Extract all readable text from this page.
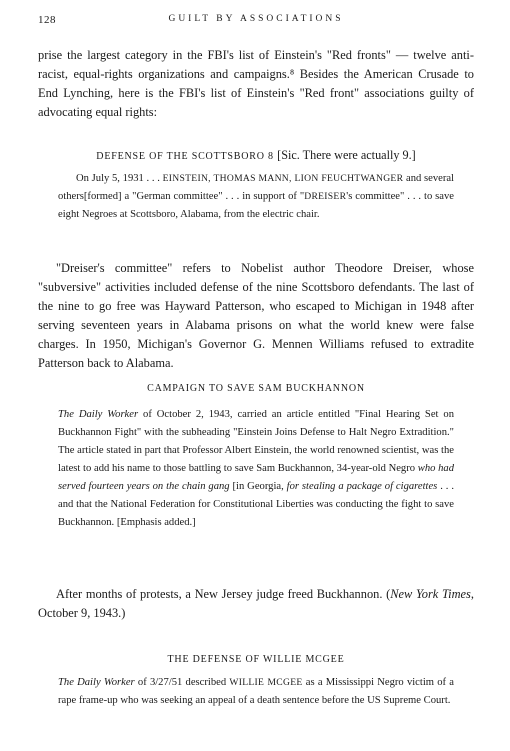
128	GUILT BY ASSOCIATIONS

prise the largest category in the FBI's list of Einstein's "Red fronts" — twelve anti-racist, equal-rights organizations and campaigns.⁸ Besides the American Crusade to End Lynching, here is the FBI's list of Einstein's "Red front" associations guilty of advocating equal rights:

DEFENSE OF THE SCOTTSBORO 8 [Sic. There were actually 9.]

On July 5, 1931 . . . EINSTEIN, THOMAS MANN, LION FEUCHTWANGER and several others[formed] a "German committee" . . . in support of "DREISER's committee" . . . to save eight Negroes at Scottsboro, Alabama, from the electric chair.

"Dreiser's committee" refers to Nobelist author Theodore Dreiser, whose "subversive" activities included defense of the nine Scottsboro defendants. The last of the nine to go free was Hayward Patterson, who escaped to Michigan in 1948 after serving seventeen years in Alabama prisons on what the world knew were false charges. In 1950, Michigan's Governor G. Mennen Williams refused to extradite Patterson back to Alabama.

CAMPAIGN TO SAVE SAM BUCKHANNON

The Daily Worker of October 2, 1943, carried an article entitled "Final Hearing Set on Buckhannon Fight" with the subheading "Einstein Joins Defense to Halt Negro Extradition." The article stated in part that Professor Albert Einstein, the world renowned scientist, was the latest to add his name to those battling to save Sam Buckhannon, 34-year-old Negro who had served fourteen years on the chain gang [in Georgia, for stealing a package of cigarettes . . . and that the National Federation for Constitutional Liberties was conducting the fight to save Buckhannon. [Emphasis added.]

After months of protests, a New Jersey judge freed Buckhannon. (New York Times, October 9, 1943.)

THE DEFENSE OF WILLIE MCGEE

The Daily Worker of 3/27/51 described WILLIE MCGEE as a Mississippi Negro victim of a rape frame-up who was seeking an appeal of a death sentence before the US Supreme Court.
